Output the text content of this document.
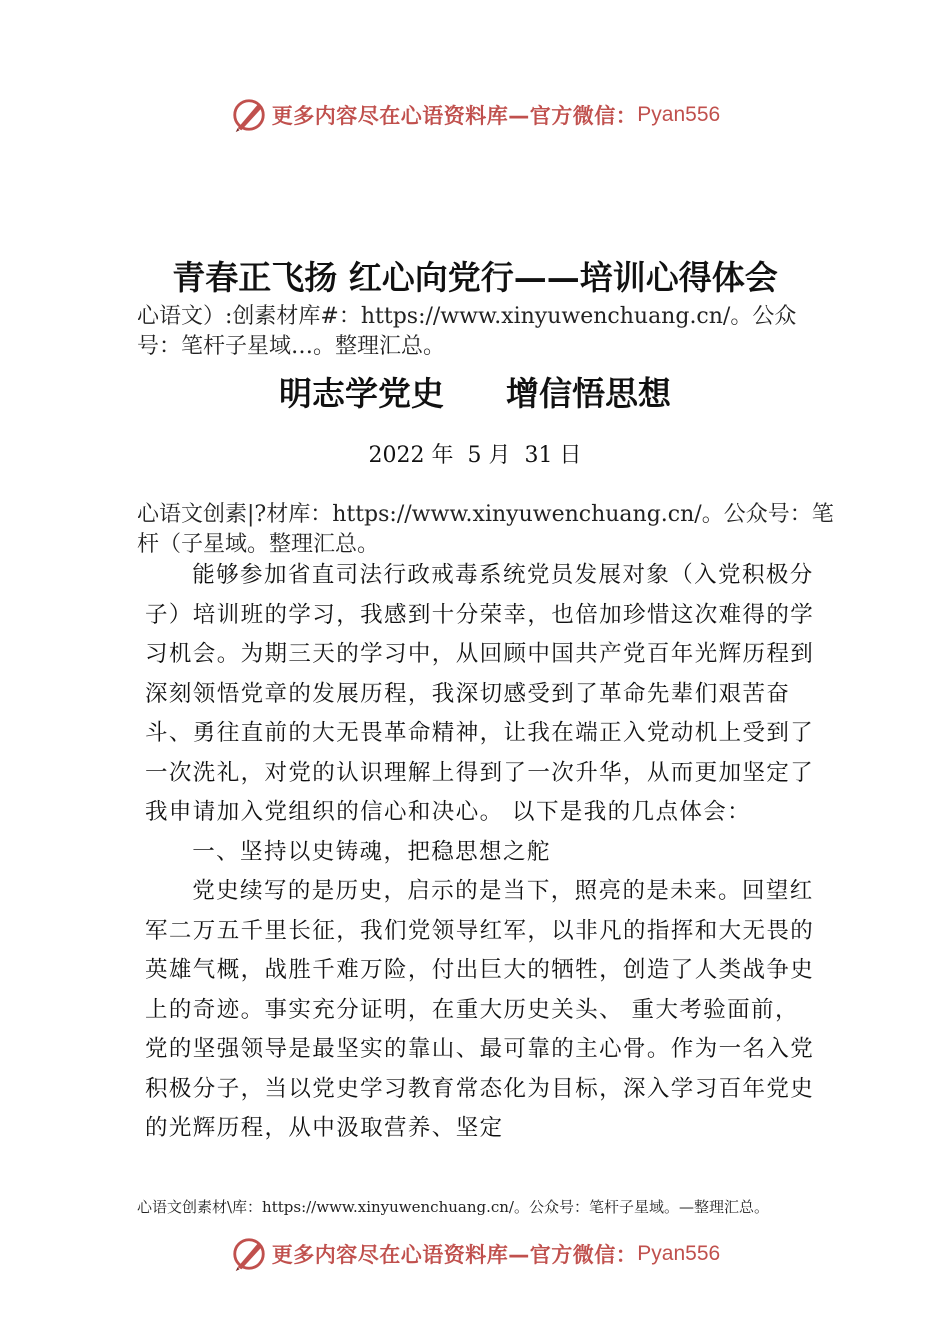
更多内容尽在心语资料库—官方微信： Pyan556
青春正飞扬 红心向党行——培训心得体会
心语文）:创素材库#：https://www.xinyuwenchuang.cn/。公众号：笔杆子星域…。整理汇总。
明志学党史 增信悟思想
2022 年  5 月  31 日
心语文创素|?材库：https://www.xinyuwenchuang.cn/。公众号：笔杆（子星域。整理汇总。

能够参加省直司法行政戒毒系统党员发展对象（入党积极分子）培训班的学习，我感到十分荣幸，也倍加珍惜这次难得的学习机会。为期三天的学习中，从回顾中国共产党百年光辉历程到深刻领悟党章的发展历程，我深切感受到了革命先辈们艰苦奋斗、勇往直前的大无畏革命精神，让我在端正入党动机上受到了一次洗礼，对党的认识理解上得到了一次升华，从而更加坚定了我申请加入党组织的信心和决心。 以下是我的几点体会：

一、坚持以史铸魂，把稳思想之舵

党史续写的是历史，启示的是当下，照亮的是未来。回望红军二万五千里长征，我们党领导红军，以非凡的指挥和大无畏的英雄气概，战胜千难万险，付出巨大的牺牲，创造了人类战争史上的奇迹。事实充分证明，在重大历史关头、 重大考验面前，党的坚强领导是最坚实的靠山、最可靠的主心骨。作为一名入党积极分子，当以党史学习教育常态化为目标，深入学习百年党史的光辉历程，从中汲取营养、坚定

心语文创素材\库：https://www.xinyuwenchuang.cn/。公众号：笔杆子星域。—整理汇总。
更多内容尽在心语资料库—官方微信： Pyan556
